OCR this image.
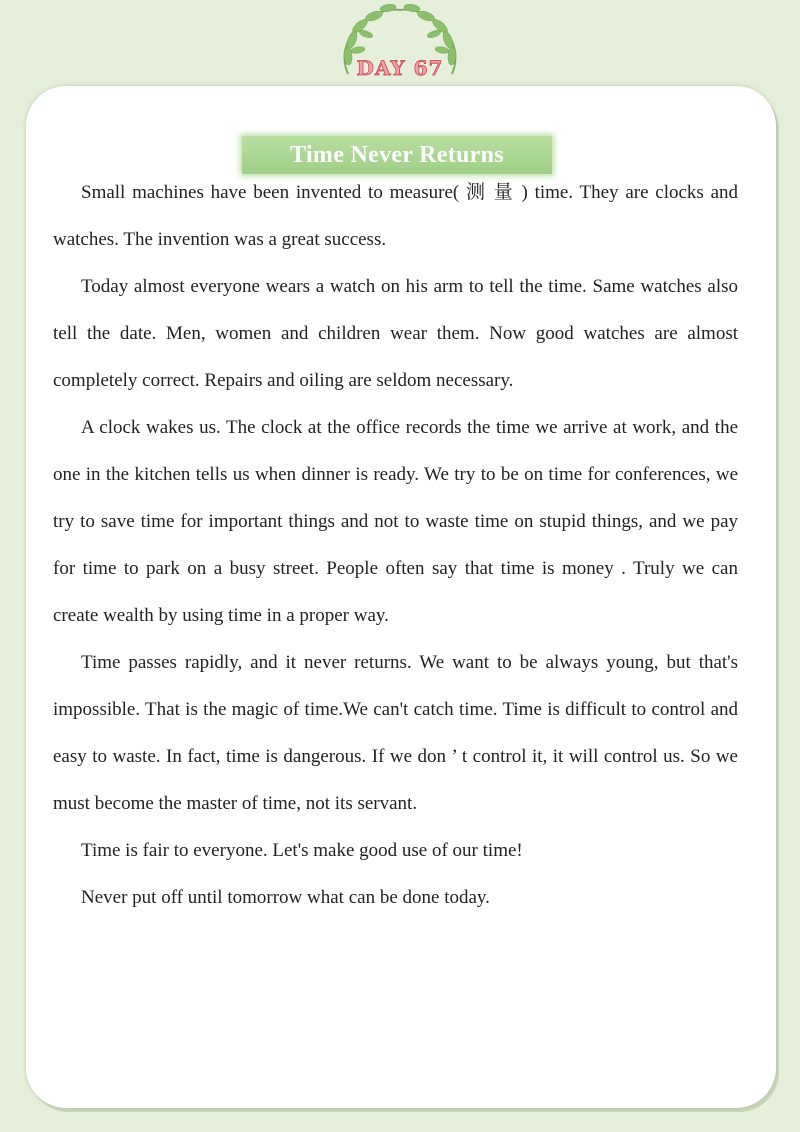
DAY 67
Time Never Returns

Small machines have been invented to measure( 测 量 ) time. They are clocks and watches. The invention was a great success.

Today almost everyone wears a watch on his arm to tell the time. Same watches also tell the date. Men, women and children wear them. Now good watches are almost completely correct. Repairs and oiling are seldom necessary.

A clock wakes us. The clock at the office records the time we arrive at work, and the one in the kitchen tells us when dinner is ready. We try to be on time for conferences, we try to save time for important things and not to waste time on stupid things, and we pay for time to park on a busy street. People often say that time is money . Truly we can create wealth by using time in a proper way.

Time passes rapidly, and it never returns. We want to be always young, but that's impossible. That is the magic of time.We can't catch time. Time is difficult to control and easy to waste. In fact, time is dangerous. If we don ’ t control it, it will control us. So we must become the master of time, not its servant.

Time is fair to everyone. Let's make good use of our time!

Never put off until tomorrow what can be done today.
